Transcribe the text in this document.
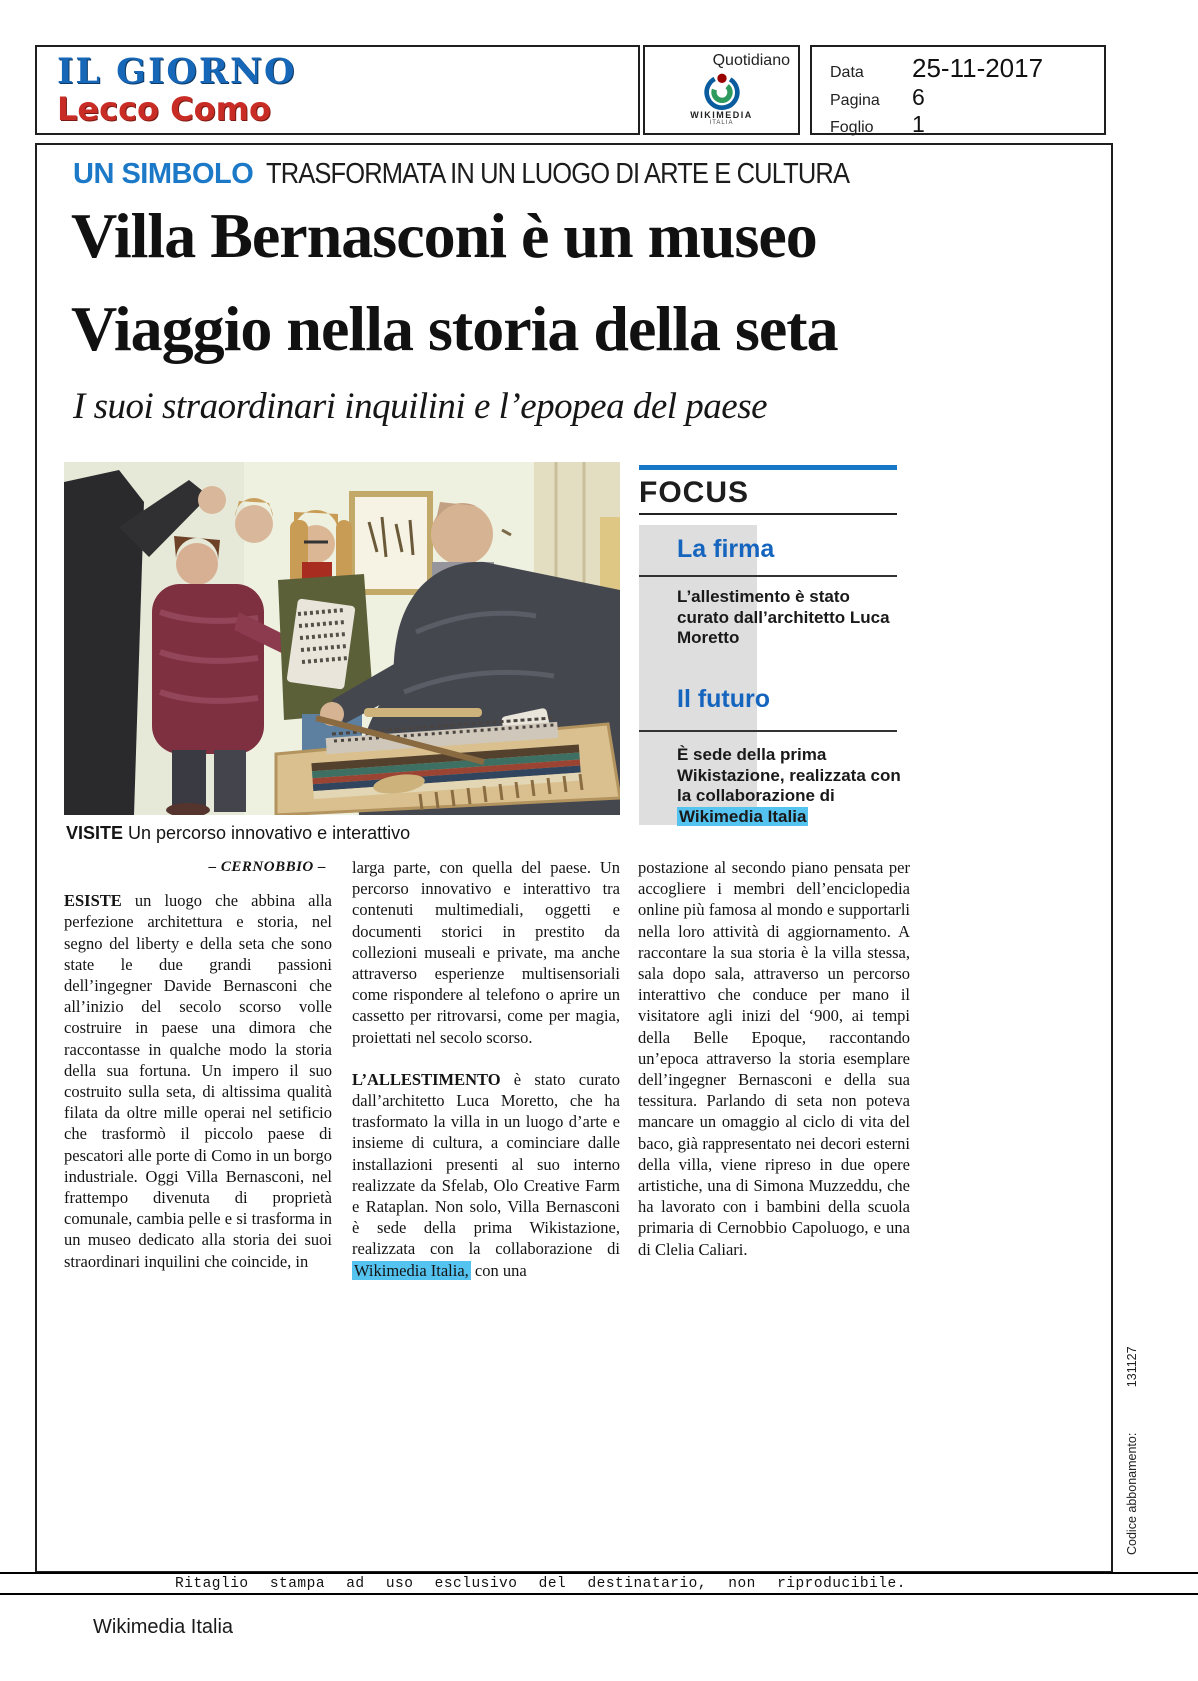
IL GIORNO
Lecco Como
Quotidiano
WIKIMEDIA
ITALIA
Data	25-11-2017
Pagina	6
Foglio	1
UN SIMBOLO TRASFORMATA IN UN LUOGO DI ARTE E CULTURA
Villa Bernasconi è un museo
Viaggio nella storia della seta
I suoi straordinari inquilini e l’epopea del paese
VISITE Un percorso innovativo e interattivo
FOCUS
La firma
L’allestimento è stato curato dall’architetto Luca Moretto
Il futuro
È sede della prima Wikistazione, realizzata con la collaborazione di Wikimedia Italia
– CERNOBBIO –

ESISTE un luogo che abbina alla perfezione architettura e storia, nel segno del liberty e della seta che sono state le due grandi passioni dell’ingegner Davide Bernasconi che all’inizio del secolo scorso volle costruire in paese una dimora che raccontasse in qualche modo la storia della sua fortuna. Un impero il suo costruito sulla seta, di altissima qualità filata da oltre mille operai nel setificio che trasformò il piccolo paese di pescatori alle porte di Como in un borgo industriale. Oggi Villa Bernasconi, nel frattempo divenuta di proprietà comunale, cambia pelle e si trasforma in un museo dedicato alla storia dei suoi straordinari inquilini che coincide, in

larga parte, con quella del paese. Un percorso innovativo e interattivo tra contenuti multimediali, oggetti e documenti storici in prestito da collezioni museali e private, ma anche attraverso esperienze multisensoriali come rispondere al telefono o aprire un cassetto per ritrovarsi, come per magia, proiettati nel secolo scorso.

L’ALLESTIMENTO è stato curato dall’architetto Luca Moretto, che ha trasformato la villa in un luogo d’arte e insieme di cultura, a cominciare dalle installazioni presenti al suo interno realizzate da Sfelab, Olo Creative Farm e Rataplan. Non solo, Villa Bernasconi è sede della prima Wikistazione, realizzata con la collaborazione di Wikimedia Italia, con una

postazione al secondo piano pensata per accogliere i membri dell’enciclopedia online più famosa al mondo e supportarli nella loro attività di aggiornamento. A raccontare la sua storia è la villa stessa, sala dopo sala, attraverso un percorso interattivo che conduce per mano il visitatore agli inizi del ‘900, ai tempi della Belle Epoque, raccontando un’epoca attraverso la storia esemplare dell’ingegner Bernasconi e della sua tessitura. Parlando di seta non poteva mancare un omaggio al ciclo di vita del baco, già rappresentato nei decori esterni della villa, viene ripreso in due opere artistiche, una di Simona Muzzeddu, che ha lavorato con i bambini della scuola primaria di Cernobbio Capoluogo, e una di Clelia Caliari.

Ritaglio stampa ad uso esclusivo del destinatario, non riproducibile.
Wikimedia Italia
Codice abbonamento: 131127
